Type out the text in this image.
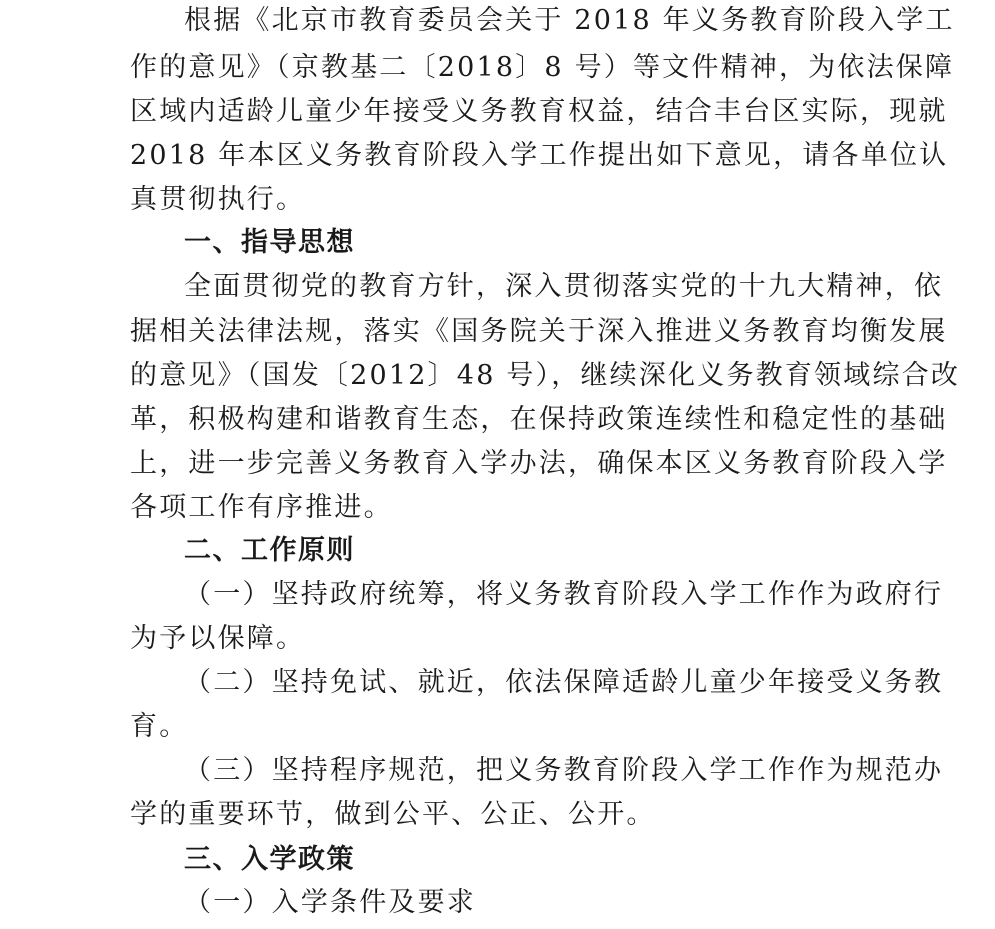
根据《北京市教育委员会关于 2018 年义务教育阶段入学工
作的意见》（京教基二〔2018〕8 号）等文件精神，为依法保障
区域内适龄儿童少年接受义务教育权益，结合丰台区实际，现就
2018 年本区义务教育阶段入学工作提出如下意见，请各单位认
真贯彻执行。
一、指导思想
全面贯彻党的教育方针，深入贯彻落实党的十九大精神，依
据相关法律法规，落实《国务院关于深入推进义务教育均衡发展
的意见》（国发〔2012〕48 号），继续深化义务教育领域综合改
革，积极构建和谐教育生态，在保持政策连续性和稳定性的基础
上，进一步完善义务教育入学办法，确保本区义务教育阶段入学
各项工作有序推进。
二、工作原则
（一）坚持政府统筹，将义务教育阶段入学工作作为政府行
为予以保障。
（二）坚持免试、就近，依法保障适龄儿童少年接受义务教
育。
（三）坚持程序规范，把义务教育阶段入学工作作为规范办
学的重要环节，做到公平、公正、公开。
三、入学政策
（一）入学条件及要求
